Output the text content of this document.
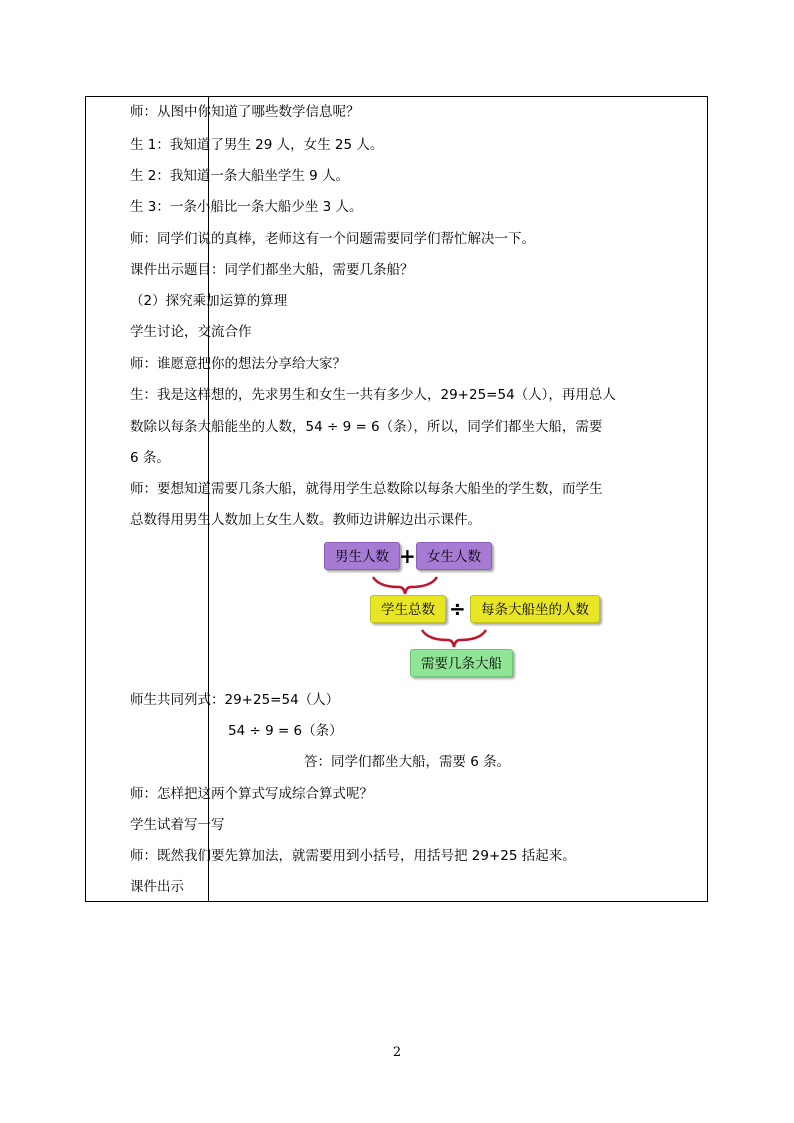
师：从图中你知道了哪些数学信息呢？
生 1：我知道了男生 29 人，女生 25 人。
生 2：我知道一条大船坐学生 9 人。
生 3：一条小船比一条大船少坐 3 人。
师：同学们说的真棒，老师这有一个问题需要同学们帮忙解决一下。
课件出示题目：同学们都坐大船，需要几条船？
（2）探究乘加运算的算理
学生讨论，交流合作
师：谁愿意把你的想法分享给大家？
生：我是这样想的，先求男生和女生一共有多少人，29+25=54（人），再用总人
数除以每条大船能坐的人数，54 ÷ 9 = 6（条），所以，同学们都坐大船，需要
6 条。
师：要想知道需要几条大船，就得用学生总数除以每条大船坐的学生数，而学生
总数得用男生人数加上女生人数。教师边讲解边出示课件。
男生人数 + 女生人数
学生总数 ÷	每条大船坐的人数
需要几条大船
师生共同列式：29+25=54（人）
54 ÷ 9 = 6（条）
答：同学们都坐大船，需要 6 条。
师：怎样把这两个算式写成综合算式呢？
学生试着写一写
师：既然我们要先算加法，就需要用到小括号，用括号把 29+25 括起来。
课件出示
2
